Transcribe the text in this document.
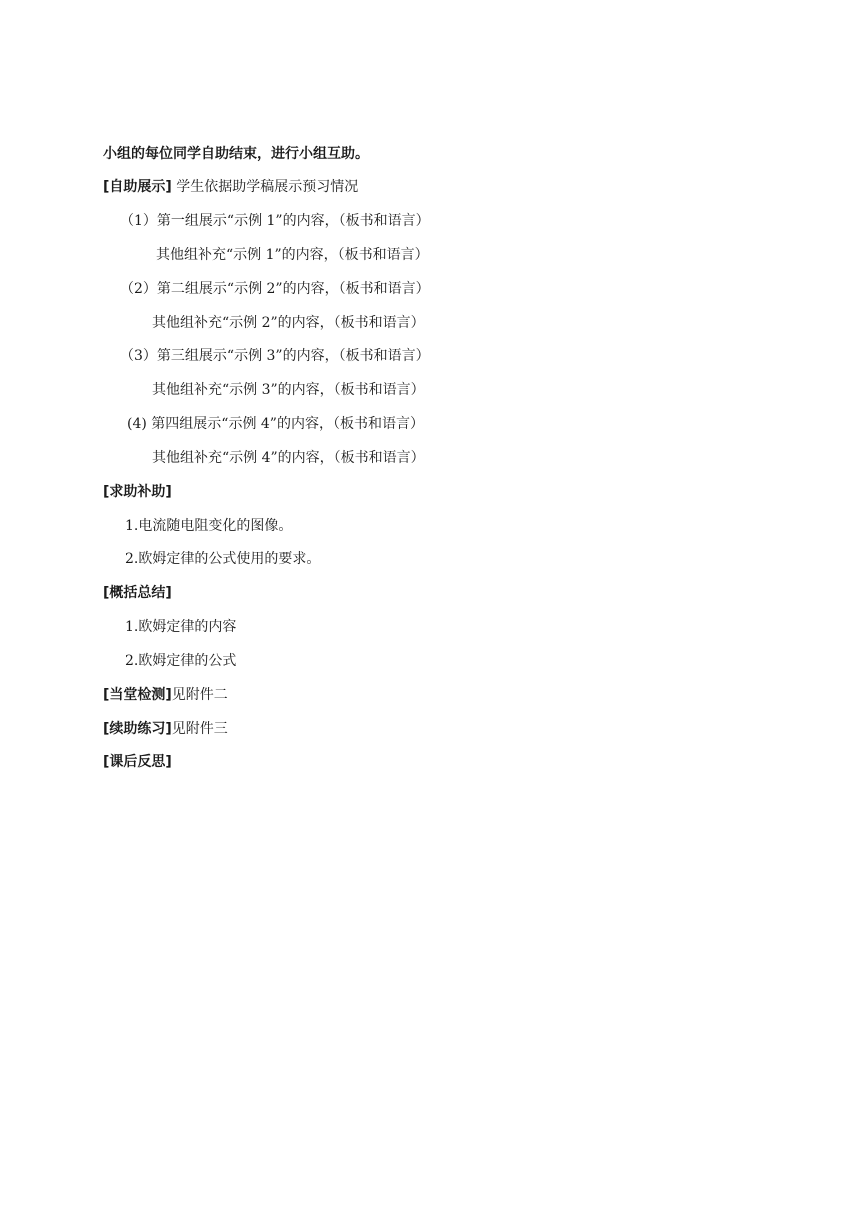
小组的每位同学自助结束，进行小组互助。
[自助展示] 学生依据助学稿展示预习情况
（1）第一组展示“示例 1”的内容，（板书和语言）
其他组补充“示例 1”的内容，（板书和语言）
（2）第二组展示“示例 2”的内容，（板书和语言）
其他组补充“示例 2”的内容，（板书和语言）
（3）第三组展示“示例 3”的内容，（板书和语言）
其他组补充“示例 3”的内容，（板书和语言）
(4) 第四组展示“示例 4”的内容，（板书和语言）
其他组补充“示例 4”的内容，（板书和语言）
[求助补助]
1.电流随电阻变化的图像。
2.欧姆定律的公式使用的要求。
[概括总结]
1.欧姆定律的内容
2.欧姆定律的公式
[当堂检测]见附件二
[续助练习]见附件三
[课后反思]
